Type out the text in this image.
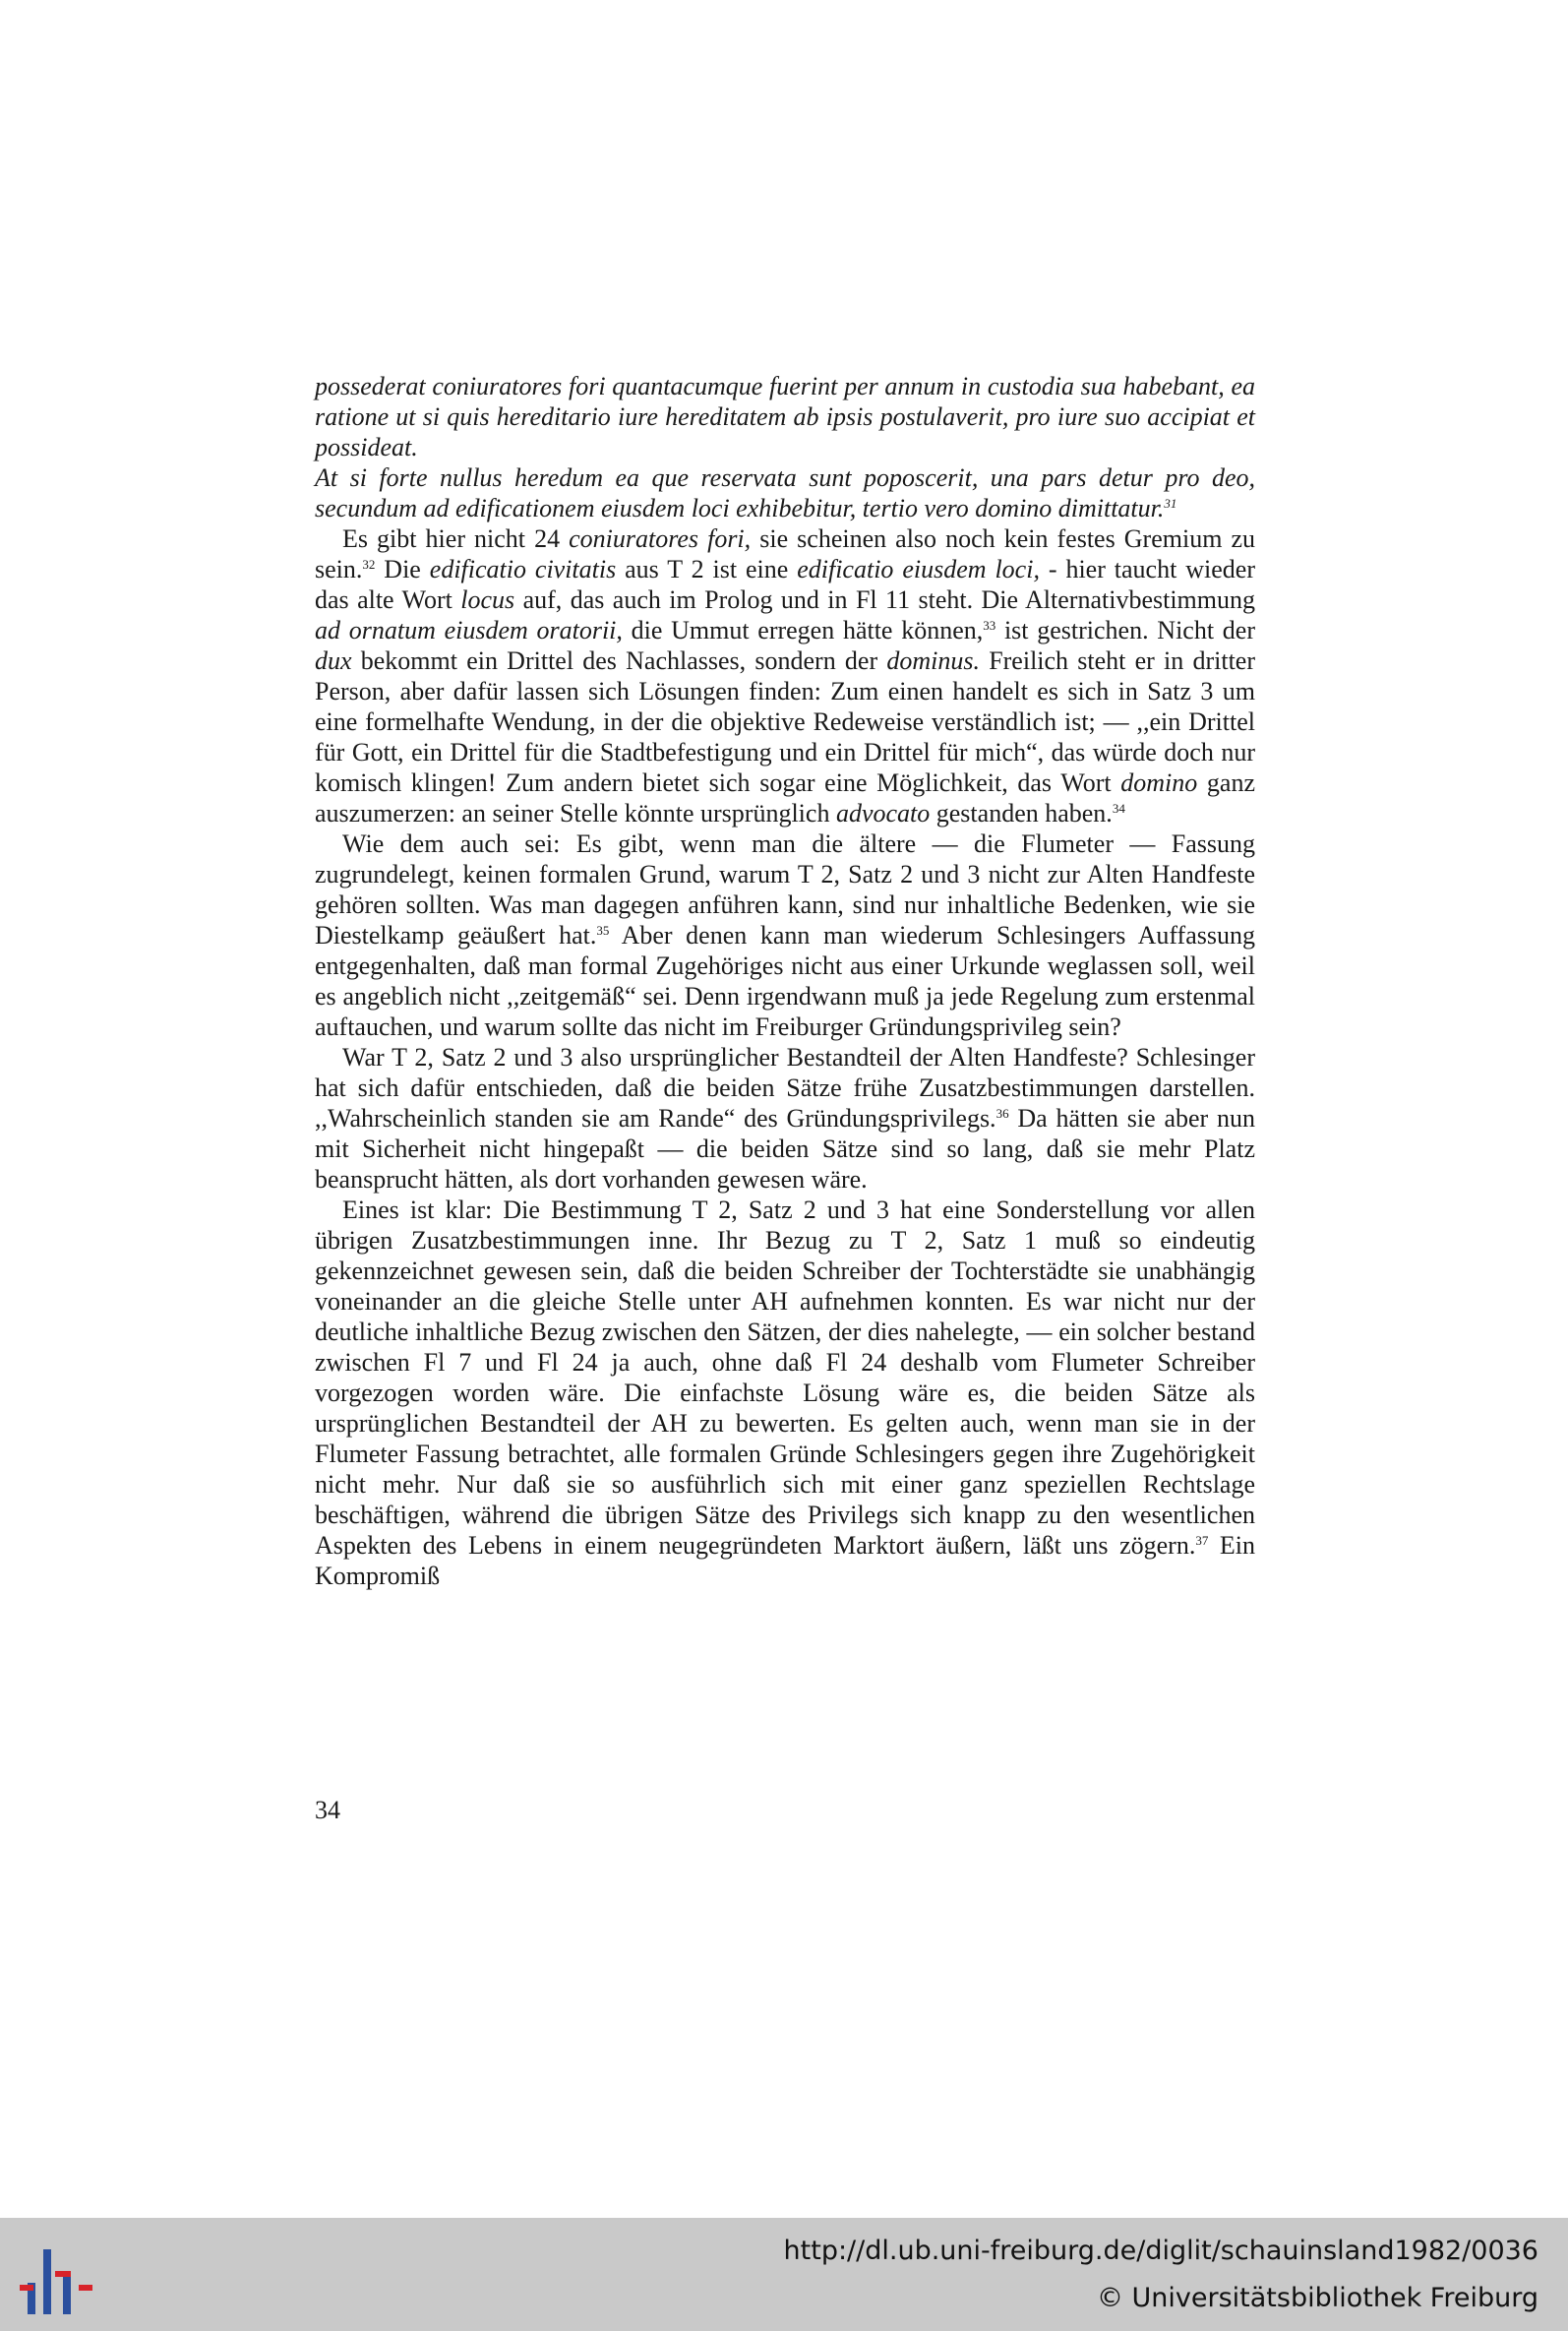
possederat coniuratores fori quantacumque fuerint per annum in custodia sua habebant, ea ratione ut si quis hereditario iure hereditatem ab ipsis postulaverit, pro iure suo accipiat et possideat.

At si forte nullus heredum ea que reservata sunt poposcerit, una pars detur pro deo, secundum ad edificationem eiusdem loci exhibebitur, tertio vero domino dimittatur.$^{31}$

Es gibt hier nicht 24 coniuratores fori, sie scheinen also noch kein festes Gremium zu sein.$^{32}$ Die edificatio civitatis aus T 2 ist eine edificatio eiusdem loci, - hier taucht wieder das alte Wort locus auf, das auch im Prolog und in Fl 11 steht. Die Alternativbestimmung ad ornatum eiusdem oratorii, die Ummut erregen hätte können,$^{33}$ ist gestrichen. Nicht der dux bekommt ein Drittel des Nachlasses, sondern der dominus. Freilich steht er in dritter Person, aber dafür lassen sich Lösungen finden: Zum einen handelt es sich in Satz 3 um eine formelhafte Wendung, in der die objektive Redeweise verständlich ist; — ,,ein Drittel für Gott, ein Drittel für die Stadtbefestigung und ein Drittel für mich“, das würde doch nur komisch klingen! Zum andern bietet sich sogar eine Möglichkeit, das Wort domino ganz auszumerzen: an seiner Stelle könnte ursprünglich advocato gestanden haben.$^{34}$

Wie dem auch sei: Es gibt, wenn man die ältere — die Flumeter — Fassung zugrundelegt, keinen formalen Grund, warum T 2, Satz 2 und 3 nicht zur Alten Handfeste gehören sollten. Was man dagegen anführen kann, sind nur inhaltliche Bedenken, wie sie Diestelkamp geäußert hat.$^{35}$ Aber denen kann man wiederum Schlesingers Auffassung entgegenhalten, daß man formal Zugehöriges nicht aus einer Urkunde weglassen soll, weil es angeblich nicht ,,zeitgemäß“ sei. Denn irgendwann muß ja jede Regelung zum erstenmal auftauchen, und warum sollte das nicht im Freiburger Gründungsprivileg sein?

War T 2, Satz 2 und 3 also ursprünglicher Bestandteil der Alten Handfeste? Schlesinger hat sich dafür entschieden, daß die beiden Sätze frühe Zusatzbestimmungen darstellen. ,,Wahrscheinlich standen sie am Rande“ des Gründungsprivilegs.$^{36}$ Da hätten sie aber nun mit Sicherheit nicht hingepaßt — die beiden Sätze sind so lang, daß sie mehr Platz beansprucht hätten, als dort vorhanden gewesen wäre.

Eines ist klar: Die Bestimmung T 2, Satz 2 und 3 hat eine Sonderstellung vor allen übrigen Zusatzbestimmungen inne. Ihr Bezug zu T 2, Satz 1 muß so eindeutig gekennzeichnet gewesen sein, daß die beiden Schreiber der Tochterstädte sie unabhängig voneinander an die gleiche Stelle unter AH aufnehmen konnten. Es war nicht nur der deutliche inhaltliche Bezug zwischen den Sätzen, der dies nahelegte, — ein solcher bestand zwischen Fl 7 und Fl 24 ja auch, ohne daß Fl 24 deshalb vom Flumeter Schreiber vorgezogen worden wäre. Die einfachste Lösung wäre es, die beiden Sätze als ursprünglichen Bestandteil der AH zu bewerten. Es gelten auch, wenn man sie in der Flumeter Fassung betrachtet, alle formalen Gründe Schlesingers gegen ihre Zugehörigkeit nicht mehr. Nur daß sie so ausführlich sich mit einer ganz speziellen Rechtslage beschäftigen, während die übrigen Sätze des Privilegs sich knapp zu den wesentlichen Aspekten des Lebens in einem neugegründeten Marktort äußern, läßt uns zögern.$^{37}$ Ein Kompromiß

34
http://dl.ub.uni-freiburg.de/diglit/schauinsland1982/0036
© Universitätsbibliothek Freiburg
